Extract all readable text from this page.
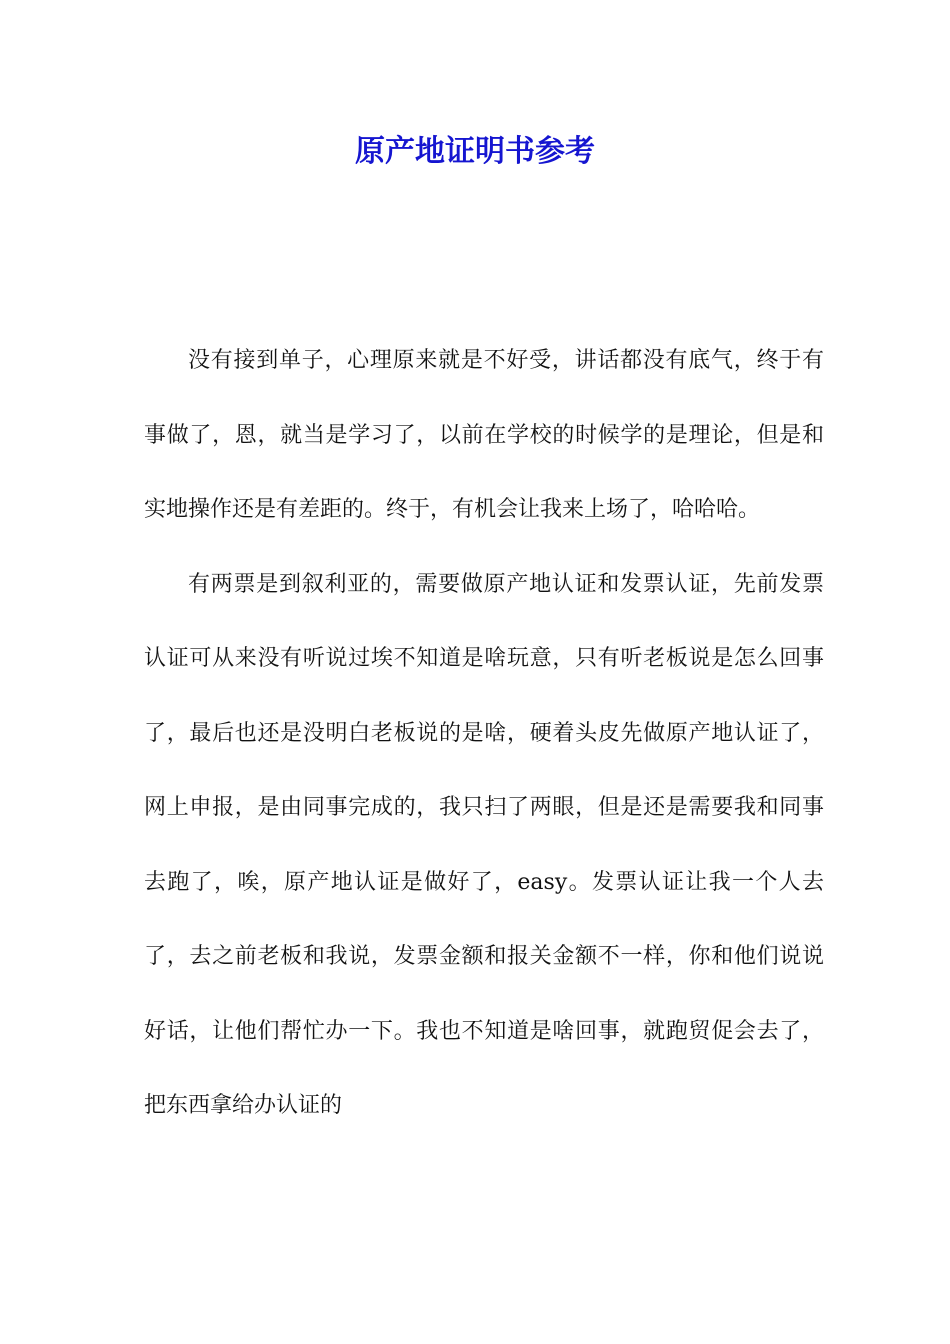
原产地证明书参考

没有接到单子，心理原来就是不好受，讲话都没有底气，终于有事做了，恩，就当是学习了，以前在学校的时候学的是理论，但是和实地操作还是有差距的。终于，有机会让我来上场了，哈哈哈。

有两票是到叙利亚的，需要做原产地认证和发票认证，先前发票认证可从来没有听说过埃不知道是啥玩意，只有听老板说是怎么回事了，最后也还是没明白老板说的是啥，硬着头皮先做原产地认证了，网上申报，是由同事完成的，我只扫了两眼，但是还是需要我和同事去跑了，唉，原产地认证是做好了，easy。发票认证让我一个人去了，去之前老板和我说，发票金额和报关金额不一样，你和他们说说好话，让他们帮忙办一下。我也不知道是啥回事，就跑贸促会去了，把东西拿给办认证的
